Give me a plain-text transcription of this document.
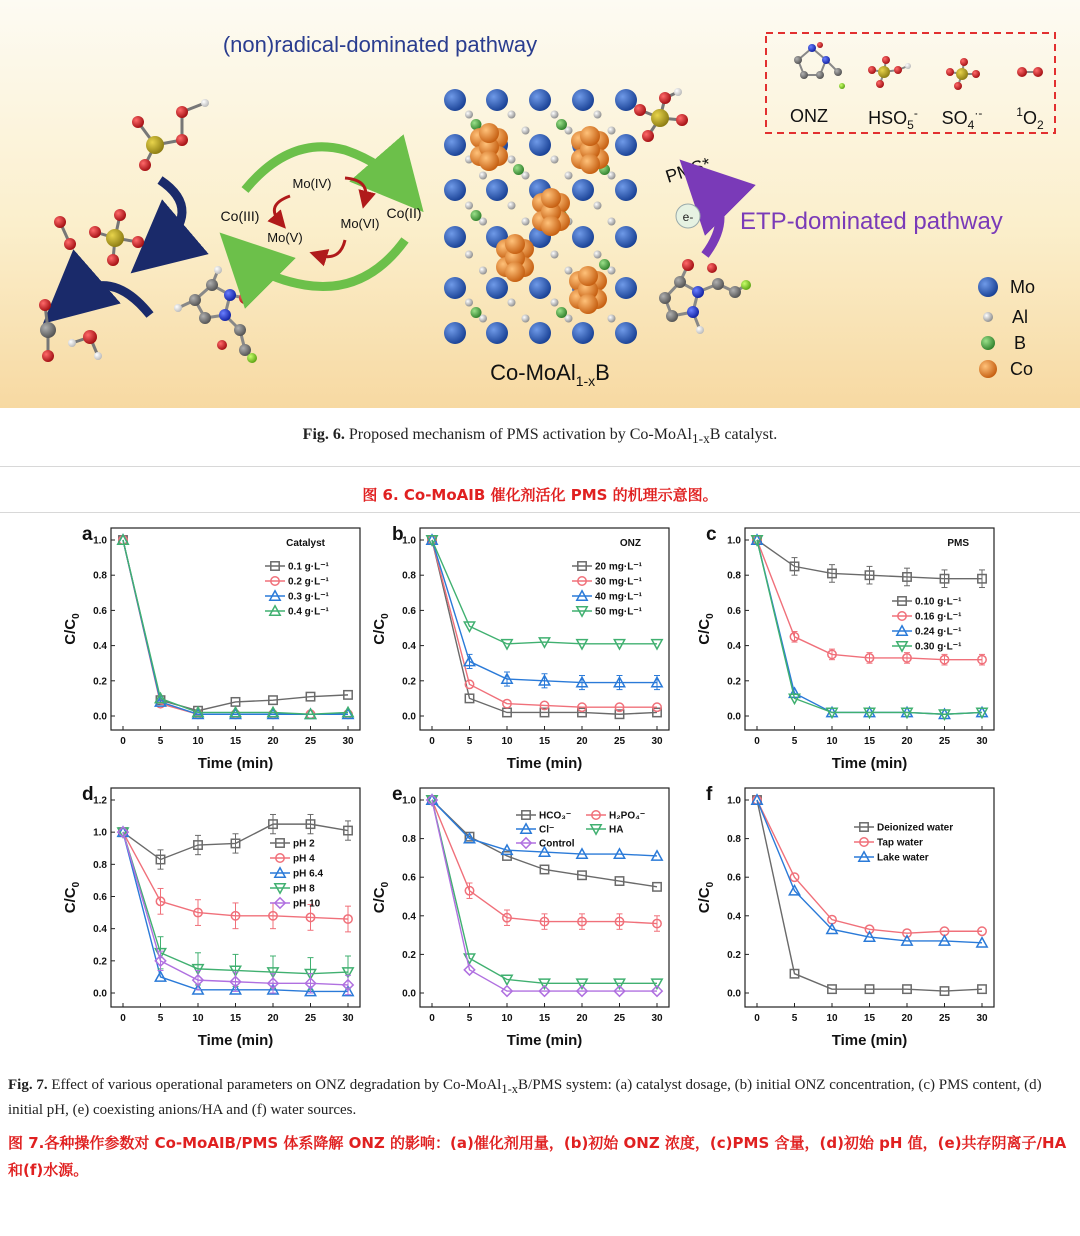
(non)radical-dominated pathway
Co(III)	Co(II)
Mo(IV)
Mo(V)
Mo(VI)
Co-MoAl$_{1-x}$B
PMS*
e- ETP-dominated pathway
ONZ $HSO_5^-$ $SO_4^{\cdot-}$	$^1O_2$
Mo
Al
B
Co
Fig. 6. Proposed mechanism of PMS activation by Co-MoAl$_{1-x}$B catalyst.
图 6. Co-MoAIB 催化剂活化 PMS 的机理示意图。
a
0.0
0.2
0.4
0.6
0.8
1.0
0	5	10	15	20	25	30
Time (min)
$C/C_0$
Catalyst
0.1 g·L⁻¹
0.2 g·L⁻¹
0.3 g·L⁻¹
0.4 g·L⁻¹
b
0.0
0.2
0.4
0.6
0.8
1.0
0	5	10	15	20	25	30
Time (min)
$C/C_0$
ONZ
20 mg·L⁻¹
30 mg·L⁻¹
40 mg·L⁻¹
50 mg·L⁻¹
c
0.0
0.2
0.4
0.6
0.8
1.0
0	5	10	15	20	25	30
Time (min)
$C/C_0$
PMS
0.10 g·L⁻¹
0.16 g·L⁻¹
0.24 g·L⁻¹
0.30 g·L⁻¹
d
0.0
0.2
0.4
0.6
0.8
1.0
1.2
0	5	10	15	20	25	30
Time (min)
$C/C_0$
pH 2
pH 4
pH 6.4
pH 8
pH 10
e
0.0
0.2
0.4
0.6
0.8
1.0
0	5	10	15	20	25	30
Time (min)
$C/C_0$
HCO₃⁻	H₂PO₄⁻
Cl⁻	HA
Control
f
0.0
0.2
0.4
0.6
0.8
1.0
0	5	10	15	20	25	30
Time (min)
$C/C_0$
Deionized water
Tap water
Lake water
Fig. 7. Effect of various operational parameters on ONZ degradation by Co-MoAl$_{1-x}$B/PMS system: (a) catalyst dosage, (b) initial ONZ concentration, (c) PMS content, (d) initial pH, (e) coexisting anions/HA and (f) water sources.
图 7.各种操作参数对 Co-MoAIB/PMS 体系降解 ONZ 的影响：(a)催化剂用量，(b)初始 ONZ 浓度，(c)PMS 含量，(d)初始 pH 值，(e)共存阴离子/HA 和(f)水源。
